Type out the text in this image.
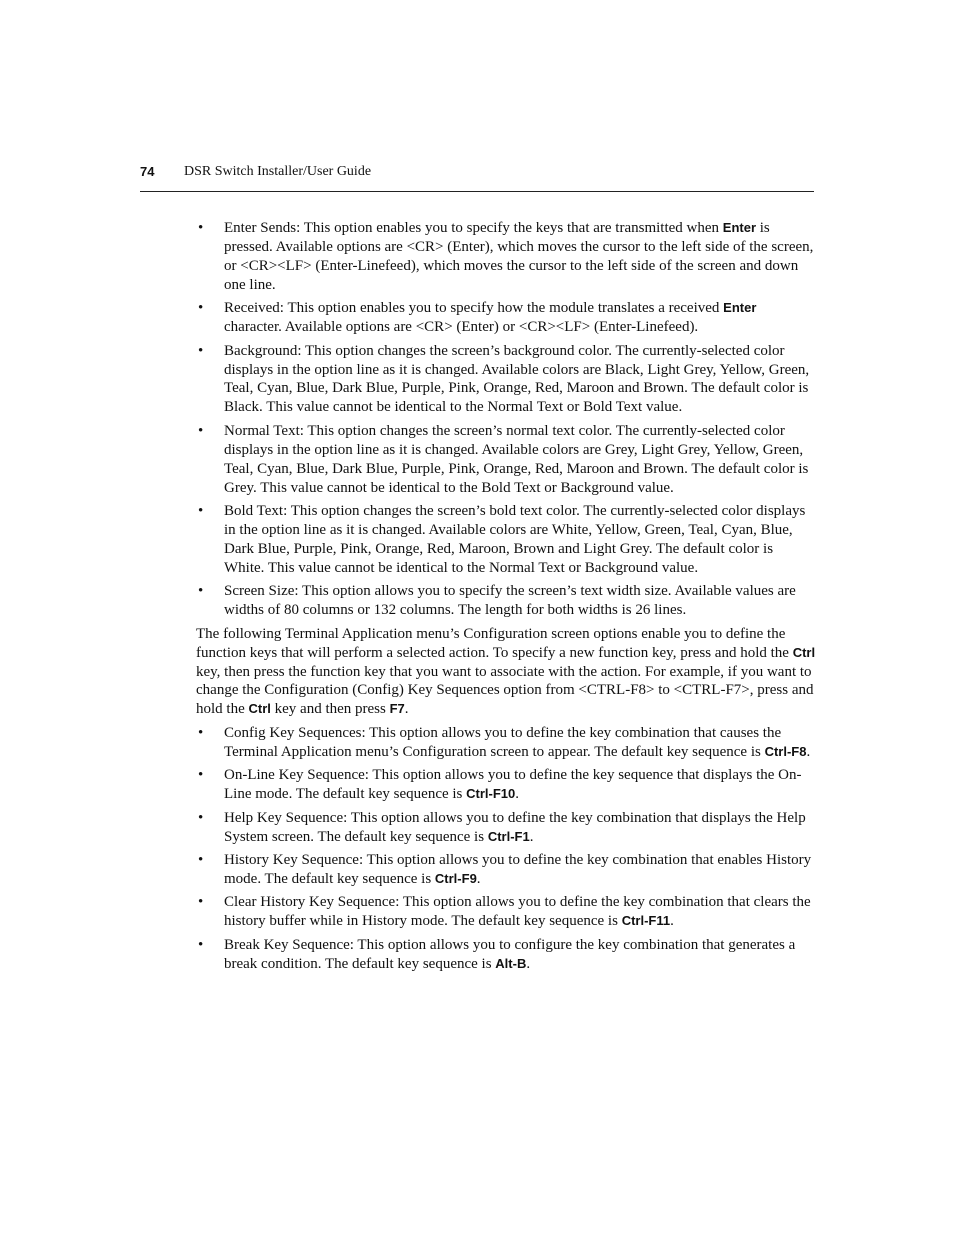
74 DSR Switch Installer/User Guide
• Enter Sends: This option enables you to specify the keys that are transmitted when Enter is pressed. Available options are <CR> (Enter), which moves the cursor to the left side of the screen, or <CR><LF> (Enter-Linefeed), which moves the cursor to the left side of the screen and down one line.
• Received: This option enables you to specify how the module translates a received Enter character. Available options are <CR> (Enter) or <CR><LF> (Enter-Linefeed).
• Background: This option changes the screen’s background color. The currently-selected color displays in the option line as it is changed. Available colors are Black, Light Grey, Yellow, Green, Teal, Cyan, Blue, Dark Blue, Purple, Pink, Orange, Red, Maroon and Brown. The default color is Black. This value cannot be identical to the Normal Text or Bold Text value.
• Normal Text: This option changes the screen’s normal text color. The currently-selected color displays in the option line as it is changed. Available colors are Grey, Light Grey, Yellow, Green, Teal, Cyan, Blue, Dark Blue, Purple, Pink, Orange, Red, Maroon and Brown. The default color is Grey. This value cannot be identical to the Bold Text or Background value.
• Bold Text: This option changes the screen’s bold text color. The currently-selected color displays in the option line as it is changed. Available colors are White, Yellow, Green, Teal, Cyan, Blue, Dark Blue, Purple, Pink, Orange, Red, Maroon, Brown and Light Grey. The default color is White. This value cannot be identical to the Normal Text or Background value.
• Screen Size: This option allows you to specify the screen’s text width size. Available values are widths of 80 columns or 132 columns. The length for both widths is 26 lines.

The following Terminal Application menu’s Configuration screen options enable you to define the function keys that will perform a selected action. To specify a new function key, press and hold the Ctrl key, then press the function key that you want to associate with the action. For example, if you want to change the Configuration (Config) Key Sequences option from <CTRL-F8> to <CTRL-F7>, press and hold the Ctrl key and then press F7.

• Config Key Sequences: This option allows you to define the key combination that causes the Terminal Application menu’s Configuration screen to appear. The default key sequence is Ctrl-F8.
• On-Line Key Sequence: This option allows you to define the key sequence that displays the On-Line mode. The default key sequence is Ctrl-F10.
• Help Key Sequence: This option allows you to define the key combination that displays the Help System screen. The default key sequence is Ctrl-F1.
• History Key Sequence: This option allows you to define the key combination that enables History mode. The default key sequence is Ctrl-F9.
• Clear History Key Sequence: This option allows you to define the key combination that clears the history buffer while in History mode. The default key sequence is Ctrl-F11.
• Break Key Sequence: This option allows you to configure the key combination that generates a break condition. The default key sequence is Alt-B.
